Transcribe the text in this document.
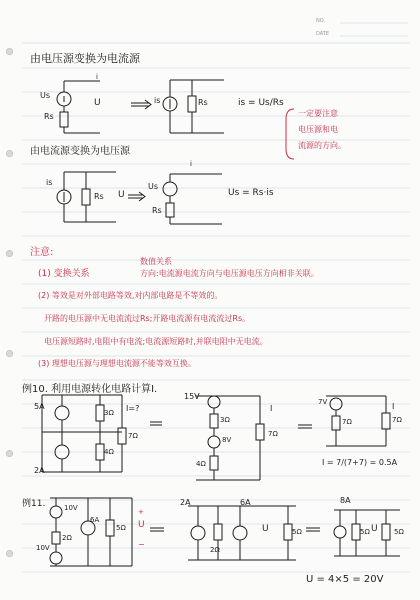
NO.
DATE
由电压源变换为电流源
Us
Rs
U
i
is	Rs	is = Us/Rs
一定要注意
电压源和电
流源的方向。
由电流源变换为电压源
is
Rs U
Us
Rs
i
Us = Rs·is
注意:
(1) 变换关系
数值关系
方向:电流源电流方向与电压源电压方向相非关联。
(2) 等效是对外部电路等效,对内部电路是不等效的。
开路的电压源中无电流流过Rs;开路电流源有电流流过Rs。
电压源短路时,电阻中有电流;电流源短路时,并联电阻中无电流。
(3) 理想电压源与理想电流源不能等效互换。
例10. 利用电源转化电路计算I.
5A
3Ω
7Ω
I=?
4Ω
2A
15V
3Ω
8V
4Ω
7Ω
I
7V
7Ω
I
7Ω
I = 7/(7+7) = 0.5A
例11.	10V
10V
2Ω
6A
5Ω
+
U
−
2A
2Ω
6A
U	5Ω
8A
5Ω U 5Ω
U = 4×5 = 20V
